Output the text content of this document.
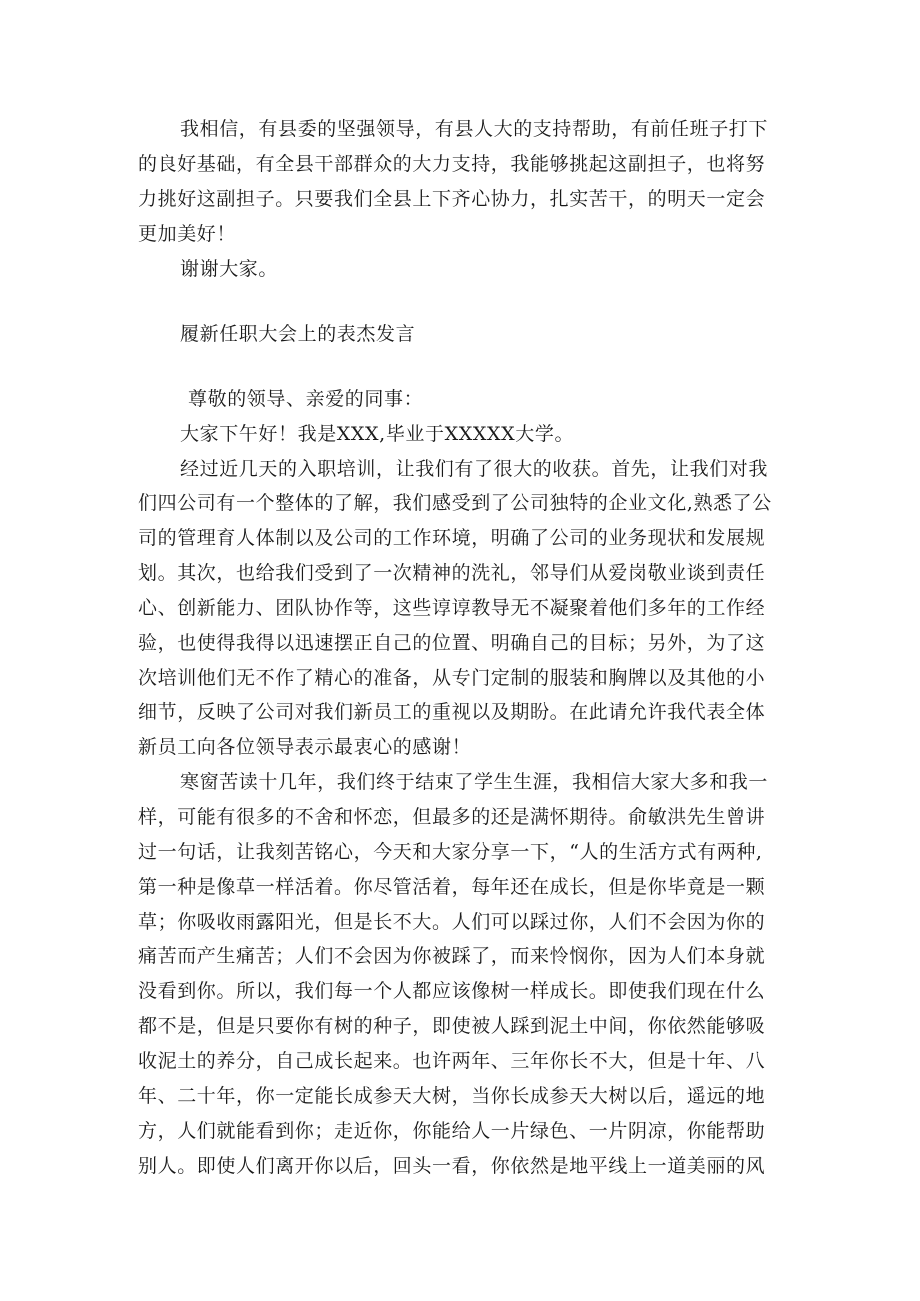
我相信，有县委的坚强领导，有县人大的支持帮助，有前任班子打下
的良好基础，有全县干部群众的大力支持，我能够挑起这副担子，也将努
力挑好这副担子。只要我们全县上下齐心协力，扎实苦干，的明天一定会
更加美好！
谢谢大家。
履新任职大会上的表杰发言
尊敬的领导、亲爱的同事：
大家下午好！我是XXX,毕业于XXXXX大学。
经过近几天的入职培训，让我们有了很大的收获。首先，让我们对我
们四公司有一个整体的了解，我们感受到了公司独特的企业文化,熟悉了公
司的管理育人体制以及公司的工作环境，明确了公司的业务现状和发展规
划。其次，也给我们受到了一次精神的洗礼，邻导们从爱岗敬业谈到责任
心、创新能力、团队协作等，这些谆谆教导无不凝聚着他们多年的工作经
验，也使得我得以迅速摆正自己的位置、明确自己的目标；另外，为了这
次培训他们无不作了精心的准备，从专门定制的服装和胸牌以及其他的小
细节，反映了公司对我们新员工的重视以及期盼。在此请允许我代表全体
新员工向各位领导表示最衷心的感谢！
寒窗苦读十几年，我们终于结束了学生生涯，我相信大家大多和我一
样，可能有很多的不舍和怀恋，但最多的还是满怀期待。俞敏洪先生曾讲
过一句话，让我刻苦铭心，今天和大家分享一下，“人的生活方式有两种,
第一种是像草一样活着。你尽管活着，每年还在成长，但是你毕竟是一颗
草；你吸收雨露阳光，但是长不大。人们可以踩过你，人们不会因为你的
痛苦而产生痛苦；人们不会因为你被踩了，而来怜悯你，因为人们本身就
没看到你。所以，我们每一个人都应该像树一样成长。即使我们现在什么
都不是，但是只要你有树的种子，即使被人踩到泥土中间，你依然能够吸
收泥土的养分，自己成长起来。也许两年、三年你长不大，但是十年、八
年、二十年，你一定能长成参天大树，当你长成参天大树以后，遥远的地
方，人们就能看到你；走近你，你能给人一片绿色、一片阴凉，你能帮助
别人。即使人们离开你以后，回头一看，你依然是地平线上一道美丽的风
